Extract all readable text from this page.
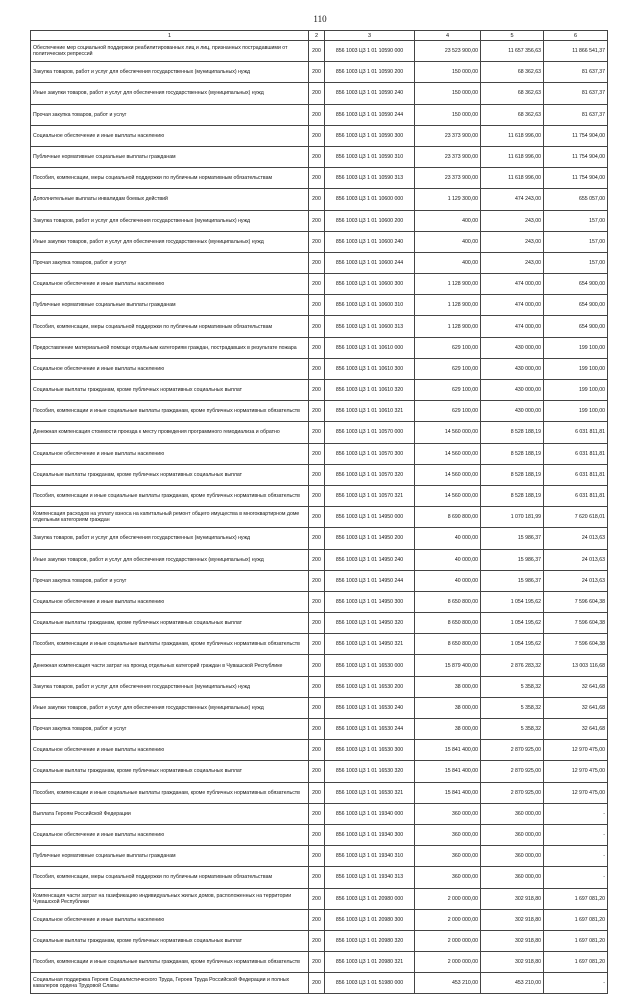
110
1	2	3	4	5	6
Обеспечение мер социальной поддержки реабилитированных лиц и лиц, признанных пострадавшими от политических репрессий	200	856 1003 Ц3 1 01 10590 000	23 523 900,00	11 657 356,63	11 866 541,37
Закупка товаров, работ и услуг для обеспечения государственных (муниципальных) нужд	200	856 1003 Ц3 1 01 10590 200	150 000,00	68 362,63	81 637,37
Иные закупки товаров, работ и услуг для обеспечения государственных (муниципальных) нужд	200	856 1003 Ц3 1 01 10590 240	150 000,00	68 362,63	81 637,37
Прочая закупка товаров, работ и услуг	200	856 1003 Ц3 1 01 10590 244	150 000,00	68 362,63	81 637,37
Социальное обеспечение и иные выплаты населению	200	856 1003 Ц3 1 01 10590 300	23 373 900,00	11 618 996,00	11 754 904,00
Публичные нормативные социальные выплаты гражданам	200	856 1003 Ц3 1 01 10590 310	23 373 900,00	11 618 996,00	11 754 904,00
Пособия, компенсации, меры социальной поддержки по публичным нормативным обязательствам	200	856 1003 Ц3 1 01 10590 313	23 373 900,00	11 618 996,00	11 754 904,00
Дополнительные выплаты инвалидам боевых действий	200	856 1003 Ц3 1 01 10600 000	1 129 300,00	474 243,00	655 057,00
Закупка товаров, работ и услуг для обеспечения государственных (муниципальных) нужд	200	856 1003 Ц3 1 01 10600 200	400,00	243,00	157,00
Иные закупки товаров, работ и услуг для обеспечения государственных (муниципальных) нужд	200	856 1003 Ц3 1 01 10600 240	400,00	243,00	157,00
Прочая закупка товаров, работ и услуг	200	856 1003 Ц3 1 01 10600 244	400,00	243,00	157,00
Социальное обеспечение и иные выплаты населению	200	856 1003 Ц3 1 01 10600 300	1 128 900,00	474 000,00	654 900,00
Публичные нормативные социальные выплаты гражданам	200	856 1003 Ц3 1 01 10600 310	1 128 900,00	474 000,00	654 900,00
Пособия, компенсации, меры социальной поддержки по публичным нормативным обязательствам	200	856 1003 Ц3 1 01 10600 313	1 128 900,00	474 000,00	654 900,00
Предоставление материальной помощи отдельным категориям граждан, пострадавших в результате пожара	200	856 1003 Ц3 1 01 10610 000	629 100,00	430 000,00	199 100,00
Социальное обеспечение и иные выплаты населению	200	856 1003 Ц3 1 01 10610 300	629 100,00	430 000,00	199 100,00
Социальные выплаты гражданам, кроме публичных нормативных социальных выплат	200	856 1003 Ц3 1 01 10610 320	629 100,00	430 000,00	199 100,00
Пособия, компенсации и иные социальные выплаты гражданам, кроме публичных нормативных обязательств	200	856 1003 Ц3 1 01 10610 321	629 100,00	430 000,00	199 100,00
Денежная компенсация стоимости проезда к месту проведения программного гемодиализа и обратно	200	856 1003 Ц3 1 01 10570 000	14 560 000,00	8 528 188,19	6 031 811,81
Социальное обеспечение и иные выплаты населению	200	856 1003 Ц3 1 01 10570 300	14 560 000,00	8 528 188,19	6 031 811,81
Социальные выплаты гражданам, кроме публичных нормативных социальных выплат	200	856 1003 Ц3 1 01 10570 320	14 560 000,00	8 528 188,19	6 031 811,81
Пособия, компенсации и иные социальные выплаты гражданам, кроме публичных нормативных обязательств	200	856 1003 Ц3 1 01 10570 321	14 560 000,00	8 528 188,19	6 031 811,81
Компенсация расходов на уплату взноса на капитальный ремонт общего имущества в многоквартирном доме отдельным категориям граждан	200	856 1003 Ц3 1 01 14950 000	8 690 800,00	1 070 181,99	7 620 618,01
Закупка товаров, работ и услуг для обеспечения государственных (муниципальных) нужд	200	856 1003 Ц3 1 01 14950 200	40 000,00	15 986,37	24 013,63
Иные закупки товаров, работ и услуг для обеспечения государственных (муниципальных) нужд	200	856 1003 Ц3 1 01 14950 240	40 000,00	15 986,37	24 013,63
Прочая закупка товаров, работ и услуг	200	856 1003 Ц3 1 01 14950 244	40 000,00	15 986,37	24 013,63
Социальное обеспечение и иные выплаты населению	200	856 1003 Ц3 1 01 14950 300	8 650 800,00	1 054 195,62	7 596 604,38
Социальные выплаты гражданам, кроме публичных нормативных социальных выплат	200	856 1003 Ц3 1 01 14950 320	8 650 800,00	1 054 195,62	7 596 604,38
Пособия, компенсации и иные социальные выплаты гражданам, кроме публичных нормативных обязательств	200	856 1003 Ц3 1 01 14950 321	8 650 800,00	1 054 195,62	7 596 604,38
Денежная компенсация части затрат на проезд отдельных категорий граждан в Чувашской Республике	200	856 1003 Ц3 1 01 16530 000	15 879 400,00	2 876 283,32	13 003 116,68
Закупка товаров, работ и услуг для обеспечения государственных (муниципальных) нужд	200	856 1003 Ц3 1 01 16530 200	38 000,00	5 358,32	32 641,68
Иные закупки товаров, работ и услуг для обеспечения государственных (муниципальных) нужд	200	856 1003 Ц3 1 01 16530 240	38 000,00	5 358,32	32 641,68
Прочая закупка товаров, работ и услуг	200	856 1003 Ц3 1 01 16530 244	38 000,00	5 358,32	32 641,68
Социальное обеспечение и иные выплаты населению	200	856 1003 Ц3 1 01 16530 300	15 841 400,00	2 870 925,00	12 970 475,00
Социальные выплаты гражданам, кроме публичных нормативных социальных выплат	200	856 1003 Ц3 1 01 16530 320	15 841 400,00	2 870 925,00	12 970 475,00
Пособия, компенсации и иные социальные выплаты гражданам, кроме публичных нормативных обязательств	200	856 1003 Ц3 1 01 16530 321	15 841 400,00	2 870 925,00	12 970 475,00
Выплата Героям Российской Федерации	200	856 1003 Ц3 1 01 19340 000	360 000,00	360 000,00	-
Социальное обеспечение и иные выплаты населению	200	856 1003 Ц3 1 01 19340 300	360 000,00	360 000,00	-
Публичные нормативные социальные выплаты гражданам	200	856 1003 Ц3 1 01 19340 310	360 000,00	360 000,00	-
Пособия, компенсации, меры социальной поддержки по публичным нормативным обязательствам	200	856 1003 Ц3 1 01 19340 313	360 000,00	360 000,00	-
Компенсация части затрат на газификацию индивидуальных жилых домов, расположенных на территории Чувашской Республики	200	856 1003 Ц3 1 01 20980 000	2 000 000,00	302 918,80	1 697 081,20
Социальное обеспечение и иные выплаты населению	200	856 1003 Ц3 1 01 20980 300	2 000 000,00	302 918,80	1 697 081,20
Социальные выплаты гражданам, кроме публичных нормативных социальных выплат	200	856 1003 Ц3 1 01 20980 320	2 000 000,00	302 918,80	1 697 081,20
Пособия, компенсации и иные социальные выплаты гражданам, кроме публичных нормативных обязательств	200	856 1003 Ц3 1 01 20980 321	2 000 000,00	302 918,80	1 697 081,20
Социальная поддержка Героев Социалистического Труда, Героев Труда Российской Федерации и полных кавалеров ордена Трудовой Славы	200	856 1003 Ц3 1 01 51980 000	453 210,00	453 210,00	-
